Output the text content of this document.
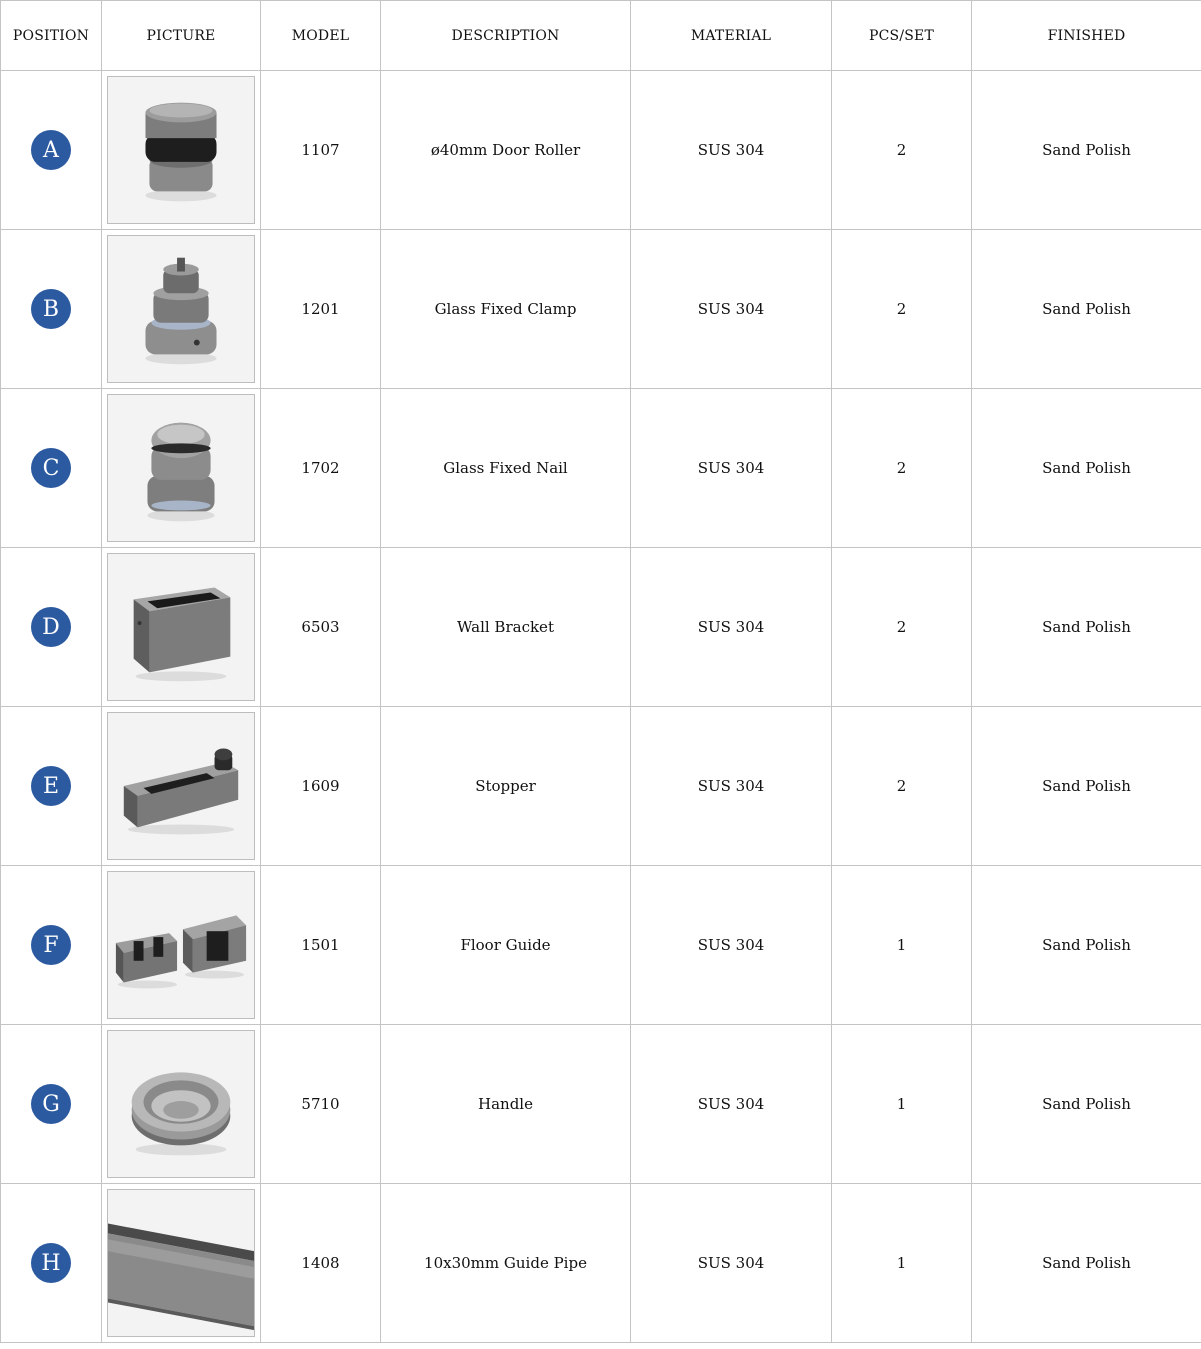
POSITION	PICTURE	MODEL	DESCRIPTION	MATERIAL	PCS/SET	FINISHED
A		1107	ø40mm Door Roller	SUS 304	2	Sand Polish
B		1201	Glass Fixed Clamp	SUS 304	2	Sand Polish
C		1702	Glass Fixed Nail	SUS 304	2	Sand Polish
D		6503	Wall Bracket	SUS 304	2	Sand Polish
E		1609	Stopper	SUS 304	2	Sand Polish
F		1501	Floor Guide	SUS 304	1	Sand Polish
G		5710	Handle	SUS 304	1	Sand Polish
H		1408	10x30mm Guide Pipe	SUS 304	1	Sand Polish
